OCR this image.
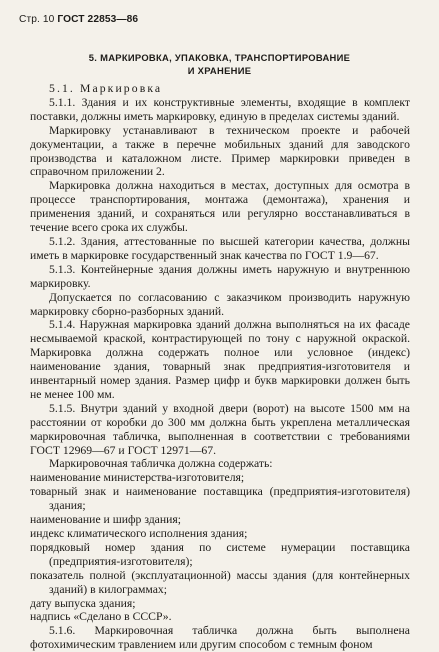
Стр. 10 ГОСТ 22853—86
5. МАРКИРОВКА, УПАКОВКА, ТРАНСПОРТИРОВАНИЕ
И ХРАНЕНИЕ

5.1. Маркировка

5.1.1. Здания и их конструктивные элементы, входящие в комплект поставки, должны иметь маркировку, единую в пределах системы зданий.

Маркировку устанавливают в техническом проекте и рабочей документации, а также в перечне мобильных зданий для заводского производства и каталожном листе. Пример маркировки приведен в справочном приложении 2.

Маркировка должна находиться в местах, доступных для осмотра в процессе транспортирования, монтажа (демонтажа), хранения и применения зданий, и сохраняться или регулярно восстанавливаться в течение всего срока их службы.

5.1.2. Здания, аттестованные по высшей категории качества, должны иметь в маркировке государственный знак качества по ГОСТ 1.9—67.

5.1.3. Контейнерные здания должны иметь наружную и внутреннюю маркировку.

Допускается по согласованию с заказчиком производить наружную маркировку сборно-разборных зданий.

5.1.4. Наружная маркировка зданий должна выполняться на их фасаде несмываемой краской, контрастирующей по тону с наружной окраской. Маркировка должна содержать полное или условное (индекс) наименование здания, товарный знак предприятия-изготовителя и инвентарный номер здания. Размер цифр и букв маркировки должен быть не менее 100 мм.

5.1.5. Внутри зданий у входной двери (ворот) на высоте 1500 мм на расстоянии от коробки до 300 мм должна быть укреплена металлическая маркировочная табличка, выполненная в соответствии с требованиями ГОСТ 12969—67 и ГОСТ 12971—67.

Маркировочная табличка должна содержать:

наименование министерства-изготовителя;

товарный знак и наименование поставщика (предприятия-изготовителя) здания;

наименование и шифр здания;

индекс климатического исполнения здания;

порядковый номер здания по системе нумерации поставщика (предприятия-изготовителя);

показатель полной (эксплуатационной) массы здания (для контейнерных зданий) в килограммах;

дату выпуска здания;

надпись «Сделано в СССР».

5.1.6. Маркировочная табличка должна быть выполнена фотохимическим травлением или другим способом с темным фоном
